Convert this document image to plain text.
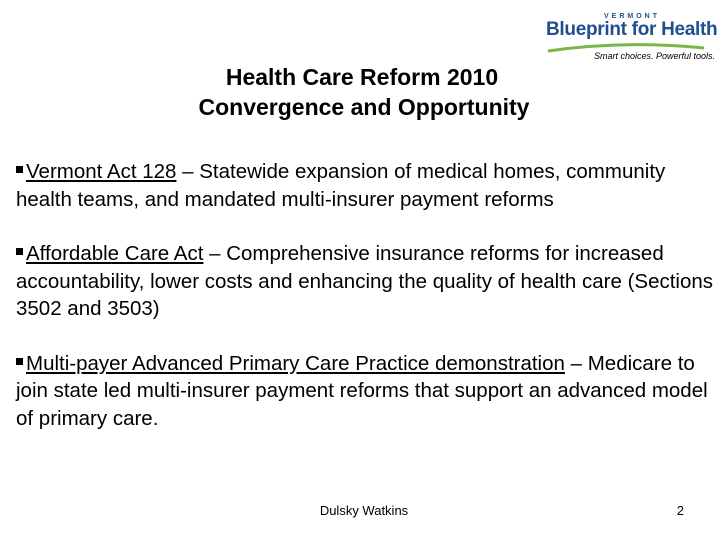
VERMONT
Blueprint for Health
Smart choices. Powerful tools.
Health Care Reform 2010
Convergence and Opportunity
Vermont Act 128 – Statewide expansion of medical homes, community health teams, and mandated multi-insurer payment reforms
Affordable Care Act – Comprehensive insurance reforms for increased accountability, lower costs and enhancing the quality of health care (Sections 3502 and 3503)
Multi-payer Advanced Primary Care Practice demonstration – Medicare to join state led multi-insurer payment reforms that support an advanced model of primary care.
Dulsky Watkins	2
